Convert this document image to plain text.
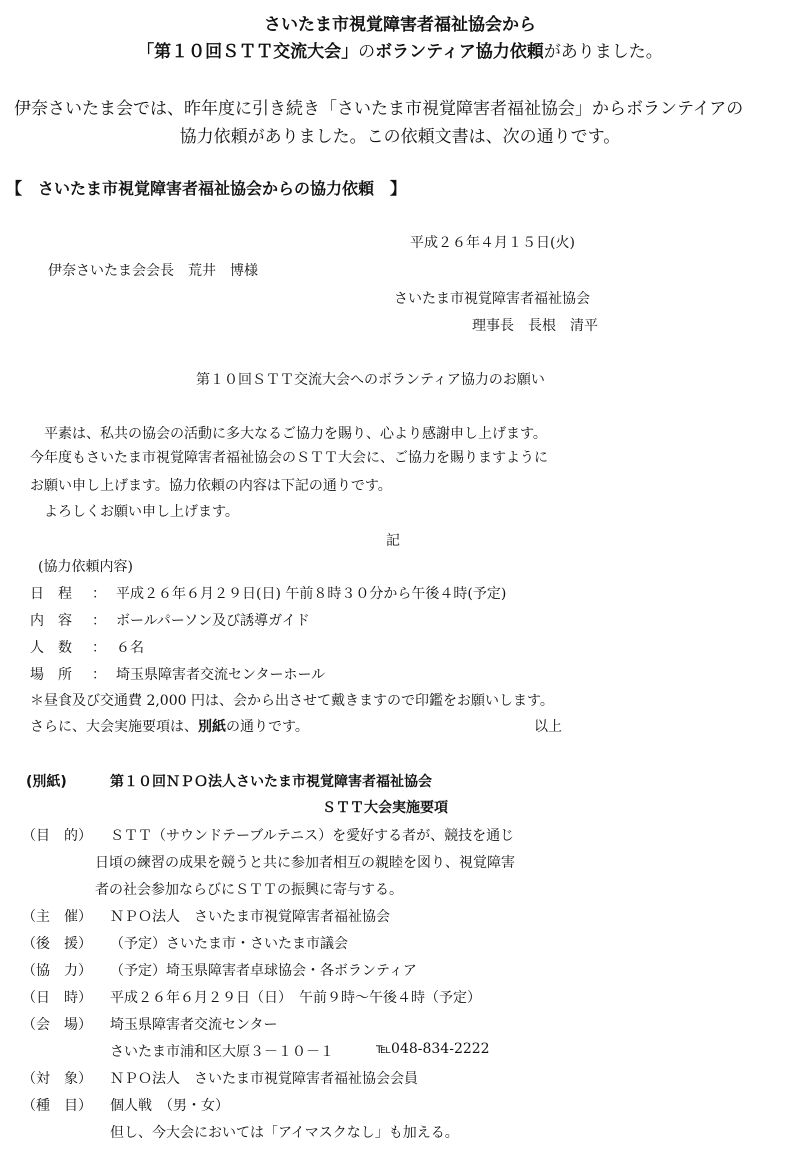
さいたま市視覚障害者福祉協会から
「第１０回ＳＴＴ交流大会」のボランティア協力依頼がありました。
伊奈さいたま会では、昨年度に引き続き「さいたま市視覚障害者福祉協会」からボランテイアの
協力依頼がありました。この依頼文書は、次の通りです。
【　さいたま市視覚障害者福祉協会からの協力依頼　】
平成２６年４月１５日(火)
伊奈さいたま会会長　荒井　博様
さいたま市視覚障害者福祉協会
理事長　長根　清平
第１０回ＳＴＴ交流大会へのボランティア協力のお願い
平素は、私共の協会の活動に多大なるご協力を賜り、心より感謝申し上げます。
今年度もさいたま市視覚障害者福祉協会のＳＴＴ大会に、ご協力を賜りますように
お願い申し上げます。協力依頼の内容は下記の通りです。
よろしくお願い申し上げます。
記
(協力依頼内容)
日　程 ： 平成２６年６月２９日(日) 午前８時３０分から午後４時(予定)
内　容 ： ボールパーソン及び誘導ガイド
人　数 ： ６名
場　所 ： 埼玉県障害者交流センターホール
＊昼食及び交通費 2,000 円は、会から出させて戴きますので印鑑をお願いします。
さらに、大会実施要項は、別紙の通りです。	以上
(別紙)	第１０回ＮＰＯ法人さいたま市視覚障害者福祉協会
ＳＴＴ大会実施要項
（目　的） ＳＴＴ（サウンドテーブルテニス）を愛好する者が、競技を通じ
日頃の練習の成果を競うと共に参加者相互の親睦を図り、視覚障害
者の社会参加ならびにＳＴＴの振興に寄与する。
（主　催） ＮＰＯ法人　さいたま市視覚障害者福祉協会
（後　援） （予定）さいたま市・さいたま市議会
（協　力） （予定）埼玉県障害者卓球協会・各ボランティア
（日　時） 平成２６年６月２９日（日）　午前９時～午後４時（予定）
（会　場） 埼玉県障害者交流センター
さいたま市浦和区大原３－１０－１	℡048-834-2222
（対　象） ＮＰＯ法人　さいたま市視覚障害者福祉協会会員
（種　目） 個人戦　（男・女）
但し、今大会においては「アイマスクなし」も加える。
